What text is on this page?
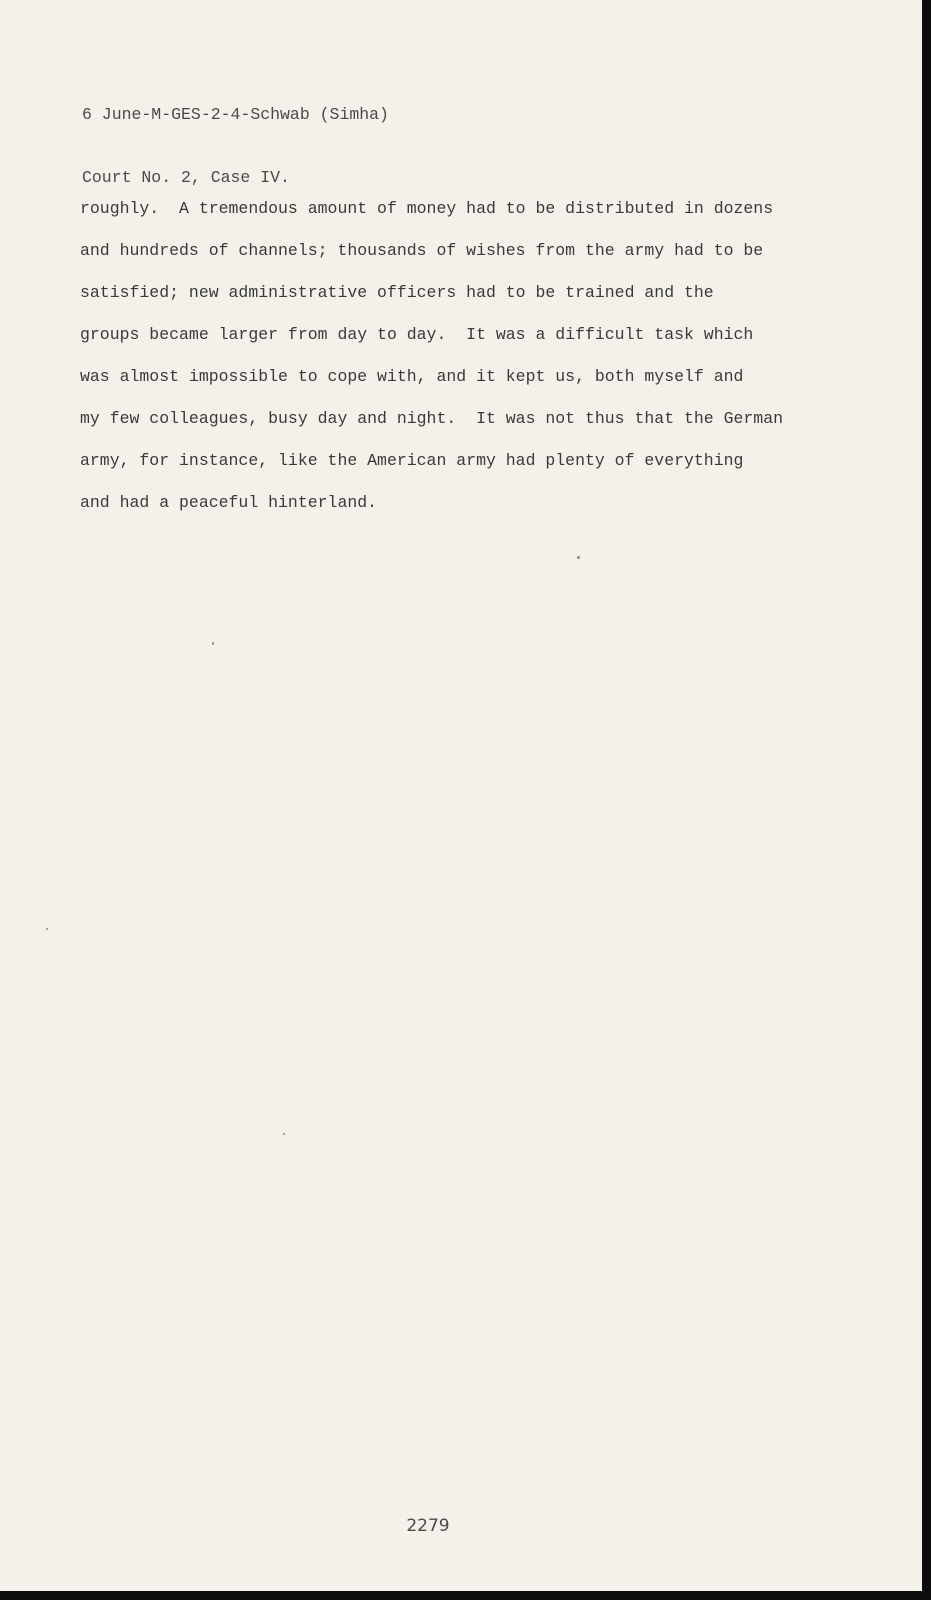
6 June-M-GES-2-4-Schwab (Simha)

Court No. 2, Case IV.

roughly.  A tremendous amount of money had to be distributed in dozens
and hundreds of channels; thousands of wishes from the army had to be
satisfied; new administrative officers had to be trained and the
groups became larger from day to day.  It was a difficult task which
was almost impossible to cope with, and it kept us, both myself and
my few colleagues, busy day and night.  It was not thus that the German
army, for instance, like the American army had plenty of everything
and had a peaceful hinterland.
2279
